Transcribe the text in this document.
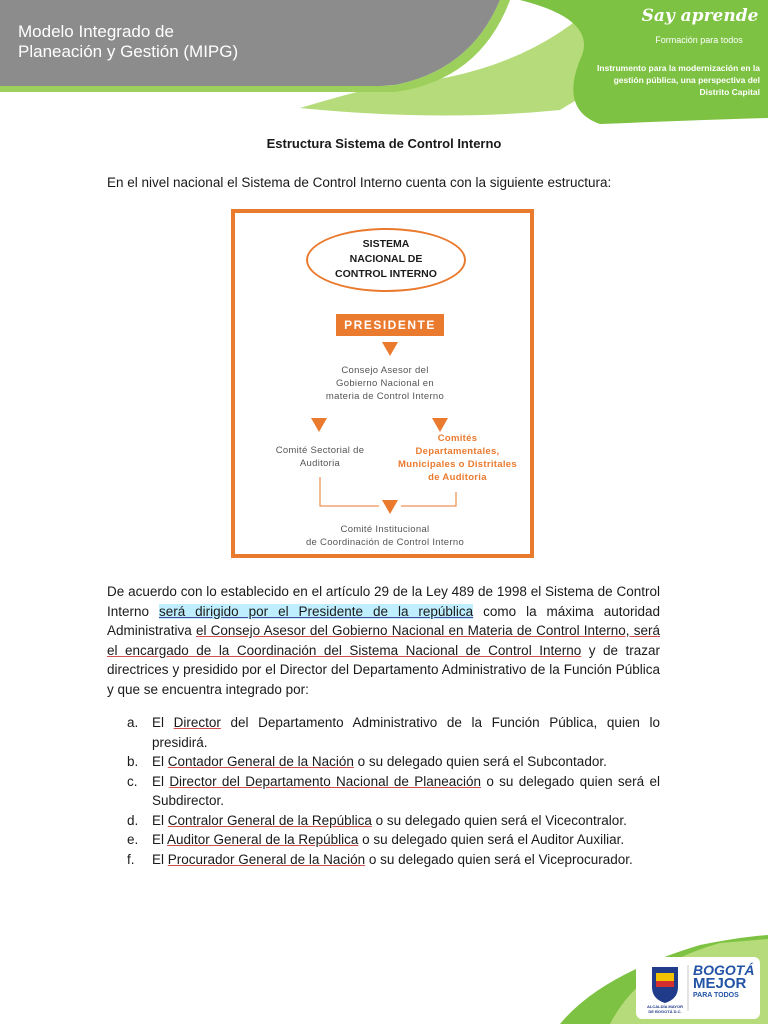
Modelo Integrado de
Planeación y Gestión (MIPG)
Say aprende
Formación para todos
Instrumento para la modernización en la
gestión pública, una perspectiva del
Distrito Capital
Estructura Sistema de Control Interno
En el nivel nacional el Sistema de Control Interno cuenta con la siguiente estructura:
SISTEMA
NACIONAL DE
CONTROL INTERNO
PRESIDENTE
Consejo Asesor del
Gobierno Nacional en
materia de Control Interno
Comité Sectorial de
Auditoria
Comités
Departamentales,
Municipales o Distritales
de Auditoria
Comité Institucional
de Coordinación de Control Interno
De acuerdo con lo establecido en el artículo 29 de la Ley 489 de 1998 el Sistema de Control Interno será dirigido por el Presidente de la república como la máxima autoridad Administrativa el Consejo Asesor del Gobierno Nacional en Materia de Control Interno, será el encargado de la Coordinación del Sistema Nacional de Control Interno y de trazar directrices y presidido por el Director del Departamento Administrativo de la Función Pública y que se encuentra integrado por:
a. El Director del Departamento Administrativo de la Función Pública, quien lo presidirá.
b. El Contador General de la Nación o su delegado quien será el Subcontador.
c. El Director del Departamento Nacional de Planeación o su delegado quien será el Subdirector.
d. El Contralor General de la República o su delegado quien será el Vicecontralor.
e. El Auditor General de la República o su delegado quien será el Auditor Auxiliar.
f. El Procurador General de la Nación o su delegado quien será el Viceprocurador.
ALCALDÍA MAYOR
DE BOGOTÁ D.C.
BOGOTÁ
MEJOR
PARA TODOS
